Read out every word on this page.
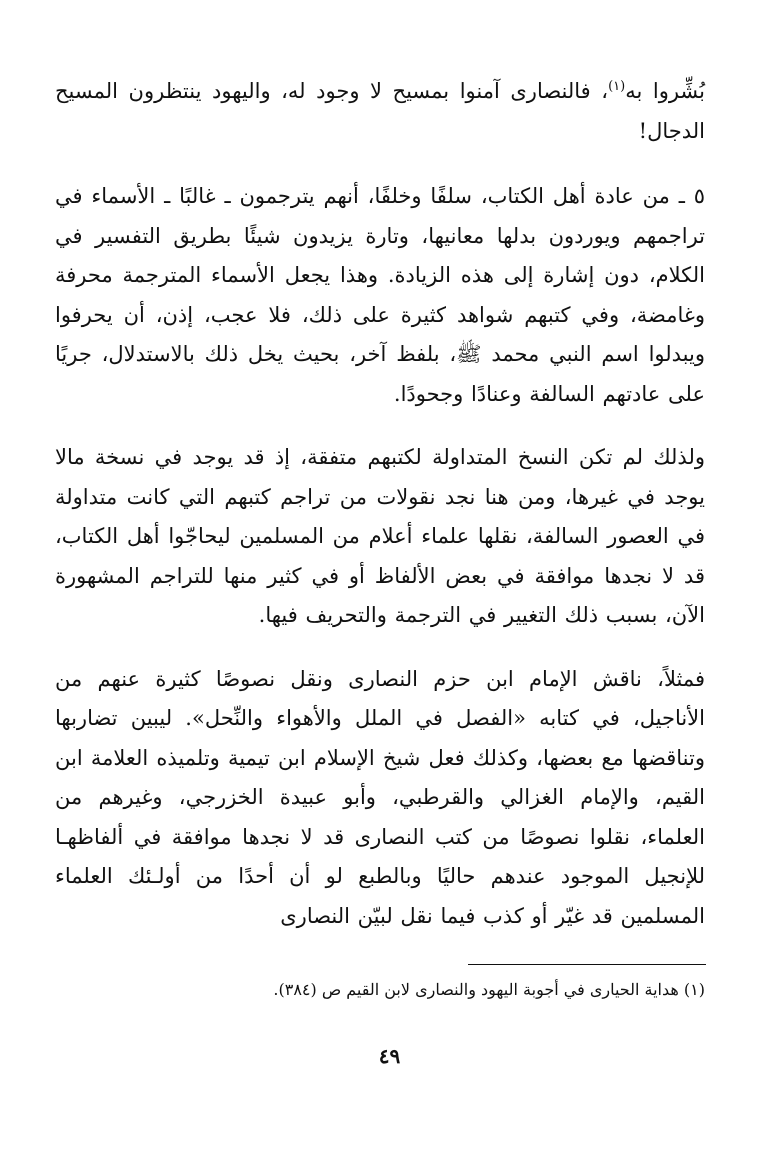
بُشِّروا به$^{(١)}$، فالنصارى آمنوا بمسيح لا وجود له، واليهود ينتظرون المسيح الدجال!

٥ ـ من عادة أهل الكتاب، سلفًا وخلفًا، أنهم يترجمون ـ غالبًا ـ الأسماء في تراجمهم ويوردون بدلها معانيها، وتارة يزيدون شيئًا بطريق التفسير في الكلام، دون إشارة إلى هذه الزيادة. وهذا يجعل الأسماء المترجمة محرفة وغامضة، وفي كتبهم شواهد كثيرة على ذلك، فلا عجب، إذن، أن يحرفوا ويبدلوا اسم النبي محمد ﷺ، بلفظ آخر، بحيث يخل ذلك بالاستدلال، جريًا على عادتهم السالفة وعنادًا وجحودًا.

ولذلك لم تكن النسخ المتداولة لكتبهم متفقة، إذ قد يوجد في نسخة مالا يوجد في غيرها، ومن هنا نجد نقولات من تراجم كتبهم التي كانت متداولة في العصور السالفة، نقلها علماء أعلام من المسلمين ليحاجّوا أهل الكتاب، قد لا نجدها موافقة في بعض الألفاظ أو في كثير منها للتراجم المشهورة الآن، بسبب ذلك التغيير في الترجمة والتحريف فيها.

فمثلاً، ناقش الإمام ابن حزم النصارى ونقل نصوصًا كثيرة عنهم من الأناجيل، في كتابه «الفصل في الملل والأهواء والنِّحل». ليبين تضاربها وتناقضها مع بعضها، وكذلك فعل شيخ الإسلام ابن تيمية وتلميذه العلامة ابن القيم، والإمام الغزالي والقرطبي، وأبو عبيدة الخزرجي، وغيرهم من العلماء، نقلوا نصوصًا من كتب النصارى قد لا نجدها موافقة في ألفاظهـا للإنجيل الموجود عندهم حاليًا وبالطبع لو أن أحدًا من أولـئك العلماء المسلمين قد غيّر أو كذب فيما نقل لبيّن النصارى

(١) هداية الحيارى في أجوبة اليهود والنصارى لابن القيم ص (٣٨٤).
٤٩
